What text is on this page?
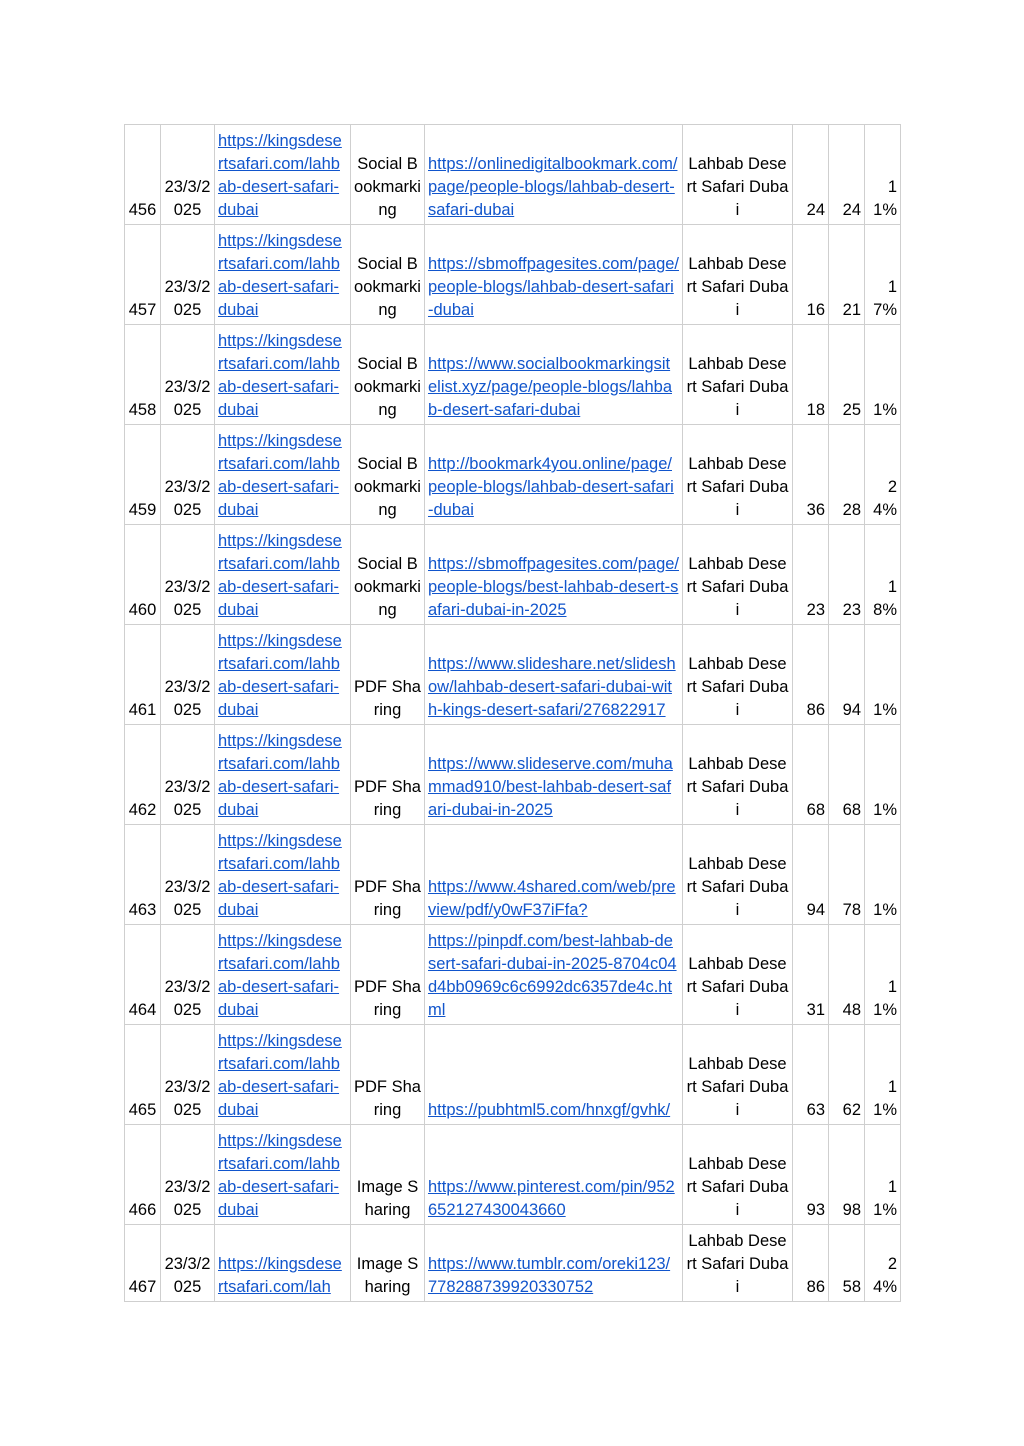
456	23/3/2025	https://kingsdesertsafari.com/lahbab-desert-safari-dubai	Social Bookmarking	https://onlinedigitalbookmark.com/page/people-blogs/lahbab-desert-safari-dubai	Lahbab Desert Safari Dubai	24	24	11%
457	23/3/2025	https://kingsdesertsafari.com/lahbab-desert-safari-dubai	Social Bookmarking	https://sbmoffpagesites.com/page/people-blogs/lahbab-desert-safari-dubai	Lahbab Desert Safari Dubai	16	21	17%
458	23/3/2025	https://kingsdesertsafari.com/lahbab-desert-safari-dubai	Social Bookmarking	https://www.socialbookmarkingsitelist.xyz/page/people-blogs/lahbab-desert-safari-dubai	Lahbab Desert Safari Dubai	18	25	1%
459	23/3/2025	https://kingsdesertsafari.com/lahbab-desert-safari-dubai	Social Bookmarking	http://bookmark4you.online/page/people-blogs/lahbab-desert-safari-dubai	Lahbab Desert Safari Dubai	36	28	24%
460	23/3/2025	https://kingsdesertsafari.com/lahbab-desert-safari-dubai	Social Bookmarking	https://sbmoffpagesites.com/page/people-blogs/best-lahbab-desert-safari-dubai-in-2025	Lahbab Desert Safari Dubai	23	23	18%
461	23/3/2025	https://kingsdesertsafari.com/lahbab-desert-safari-dubai	PDF Sharing	https://www.slideshare.net/slideshow/lahbab-desert-safari-dubai-with-kings-desert-safari/276822917	Lahbab Desert Safari Dubai	86	94	1%
462	23/3/2025	https://kingsdesertsafari.com/lahbab-desert-safari-dubai	PDF Sharing	https://www.slideserve.com/muhammad910/best-lahbab-desert-safari-dubai-in-2025	Lahbab Desert Safari Dubai	68	68	1%
463	23/3/2025	https://kingsdesertsafari.com/lahbab-desert-safari-dubai	PDF Sharing	https://www.4shared.com/web/preview/pdf/y0wF37iFfa?	Lahbab Desert Safari Dubai	94	78	1%
464	23/3/2025	https://kingsdesertsafari.com/lahbab-desert-safari-dubai	PDF Sharing	https://pinpdf.com/best-lahbab-desert-safari-dubai-in-2025-8704c04d4bb0969c6c6992dc6357de4c.html	Lahbab Desert Safari Dubai	31	48	11%
465	23/3/2025	https://kingsdesertsafari.com/lahbab-desert-safari-dubai	PDF Sharing	https://pubhtml5.com/hnxgf/gvhk/	Lahbab Desert Safari Dubai	63	62	11%
466	23/3/2025	https://kingsdesertsafari.com/lahbab-desert-safari-dubai	Image Sharing	https://www.pinterest.com/pin/952652127430043660	Lahbab Desert Safari Dubai	93	98	11%
467	23/3/2025	https://kingsdesertsafari.com/lah	Image Sharing	https://www.tumblr.com/oreki123/778288739920330752	Lahbab Desert Safari Dubai	86	58	24%
